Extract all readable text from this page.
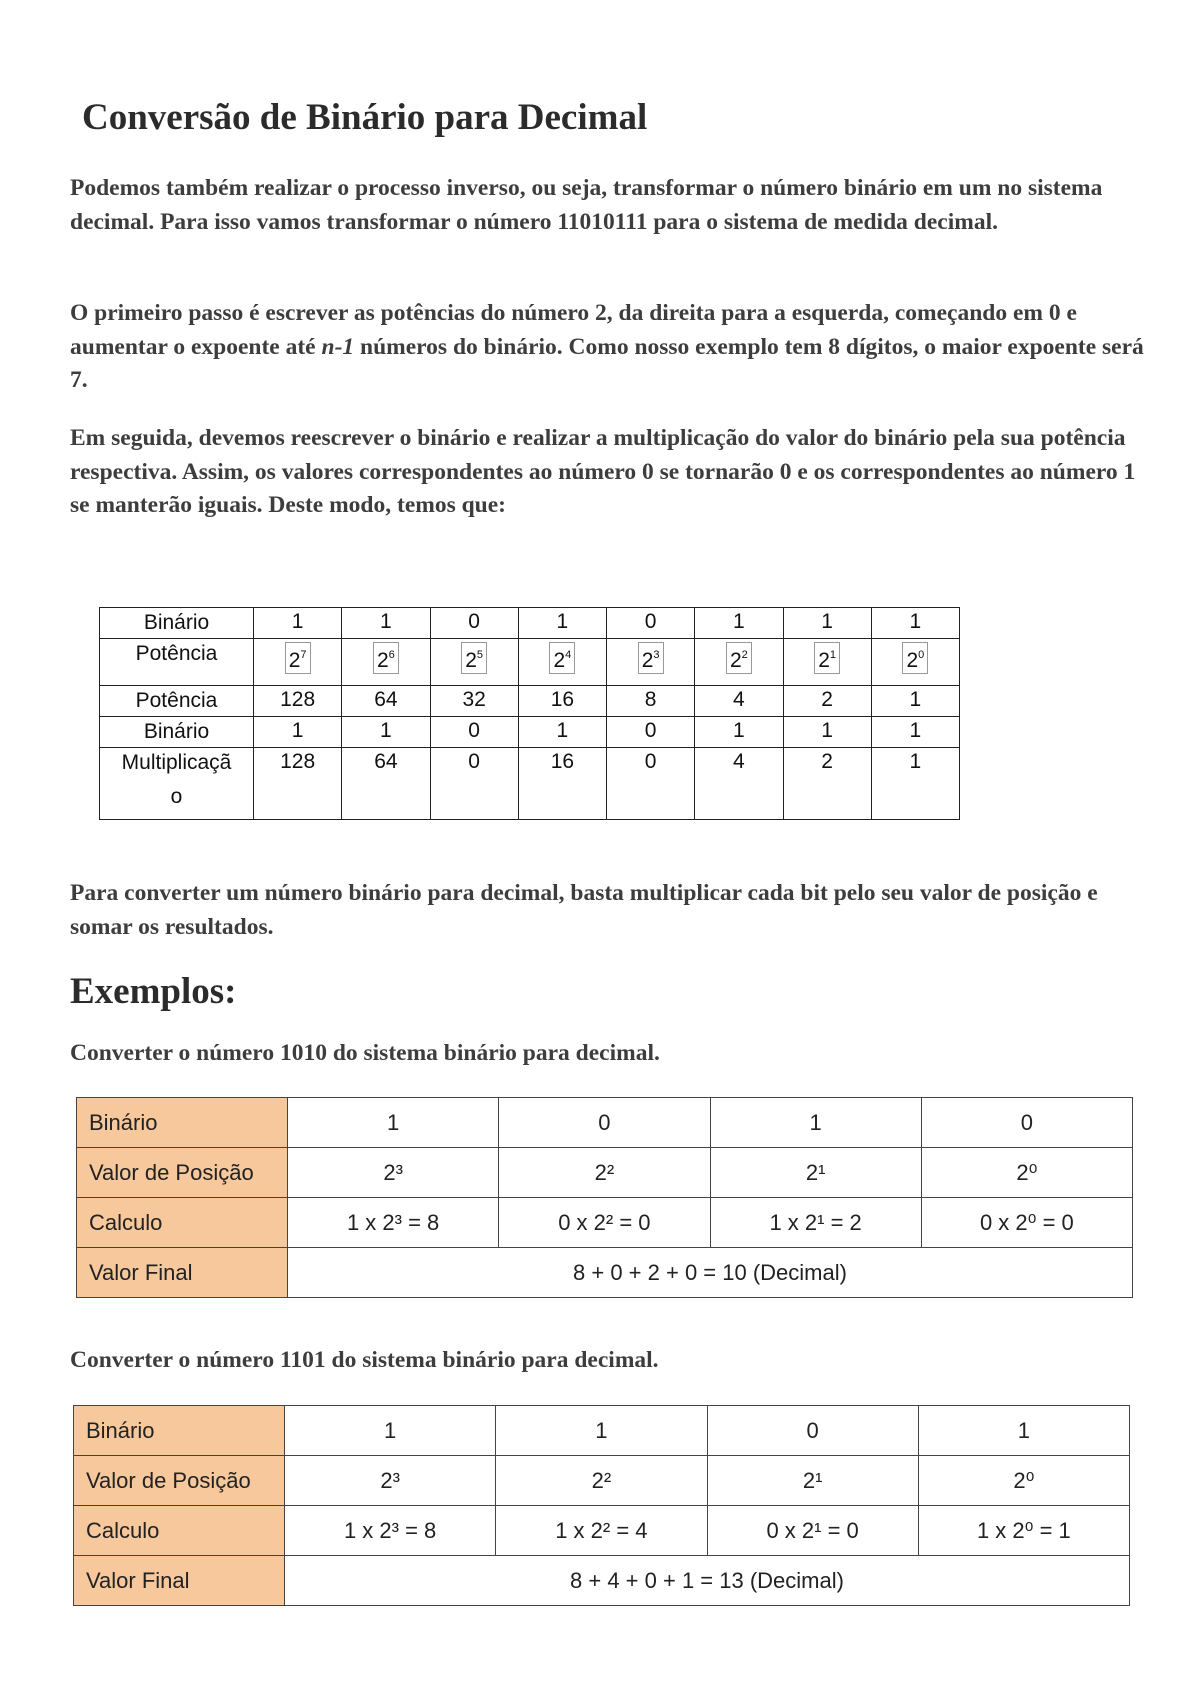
Conversão de Binário para Decimal

Podemos também realizar o processo inverso, ou seja, transformar o número binário em um no sistema decimal. Para isso vamos transformar o número 11010111 para o sistema de medida decimal.

O primeiro passo é escrever as potências do número 2, da direita para a esquerda, começando em 0 e aumentar o expoente até n-1 números do binário. Como nosso exemplo tem 8 dígitos, o maior expoente será 7.

Em seguida, devemos reescrever o binário e realizar a multiplicação do valor do binário pela sua potência respectiva. Assim, os valores correspondentes ao número 0 se tornarão 0 e os correspondentes ao número 1 se manterão iguais. Deste modo, temos que:

Binário	1	1	0	1	0	1	1	1
Potência	$2^7$	$2^6$	$2^5$	$2^4$	$2^3$	$2^2$	$2^1$	$2^0$
Potência	128	64	32	16	8	4	2	1
Binário	1	1	0	1	0	1	1	1
Multiplicaçã
o	128	64	0	16	0	4	2	1

Para converter um número binário para decimal, basta multiplicar cada bit pelo seu valor de posição e somar os resultados.

Exemplos:

Converter o número 1010 do sistema binário para decimal.

Binário	1	0	1	0
Valor de Posição	2³	2²	2¹	2⁰
Calculo	1 x 2³ = 8	0 x 2² = 0	1 x 2¹ = 2	0 x 2⁰ = 0
Valor Final	8 + 0 + 2 + 0 = 10 (Decimal)			

Converter o número 1101 do sistema binário para decimal.

Binário	1	1	0	1
Valor de Posição	2³	2²	2¹	2⁰
Calculo	1 x 2³ = 8	1 x 2² = 4	0 x 2¹ = 0	1 x 2⁰ = 1
Valor Final	8 + 4 + 0 + 1 = 13 (Decimal)			
